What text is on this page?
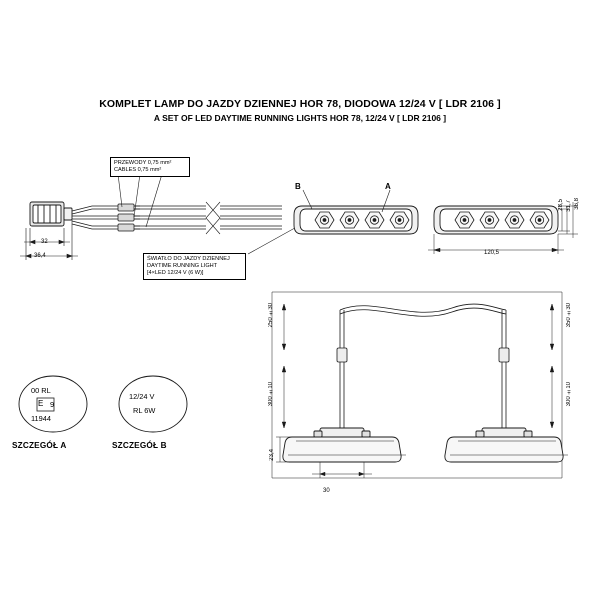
KOMPLET LAMP DO JAZDY DZIENNEJ HOR 78, DIODOWA 12/24 V [ LDR 2106 ]
A SET OF LED DAYTIME RUNNING LIGHTS HOR 78, 12/24 V [ LDR 2106 ]
32
36,4
PRZEWODY 0,75 mm²
CABLES 0,75 mm²
ŚWIATŁO DO JAZDY DZIENNEJ
DAYTIME RUNNING LIGHT
[4×LED 12/24 V (6 W)]
B	A
28,5 31,7 36,8
120,5
250 ±30
300 ±10
350 ±30
300 ±10
23,4
30
00 RL
E 9
11944
SZCZEGÓŁ A
12/24 V
RL 6W
SZCZEGÓŁ B
